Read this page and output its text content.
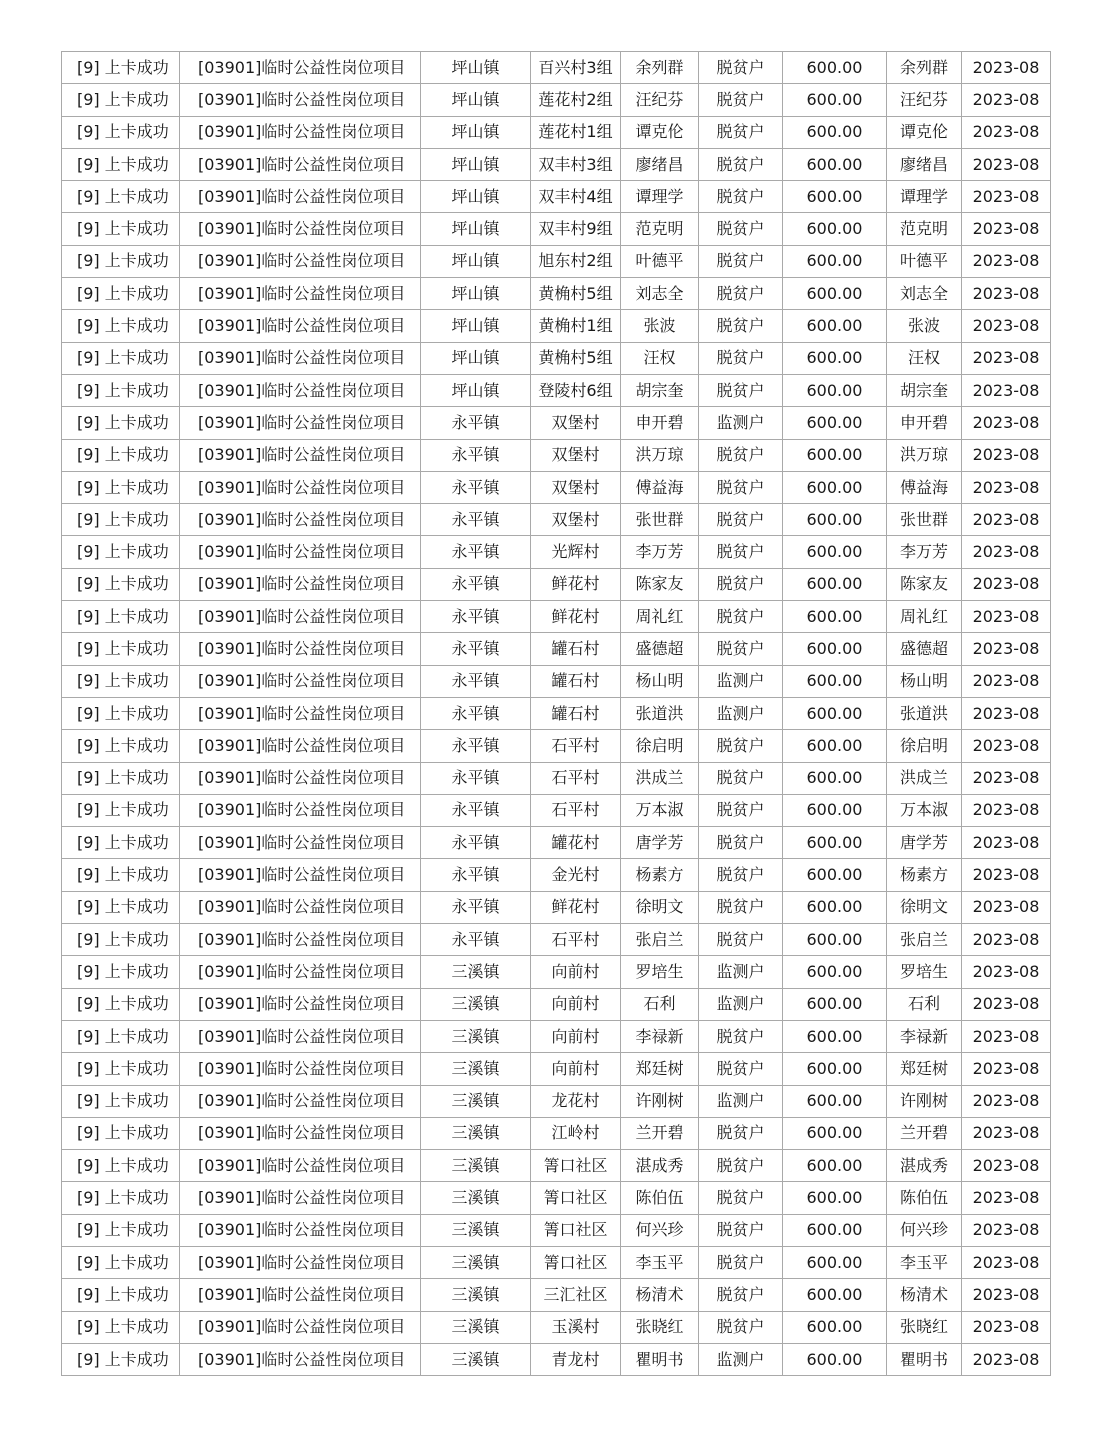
[9] 上卡成功	[03901]临时公益性岗位项目	坪山镇	百兴村3组	余列群	脱贫户	600.00	余列群	2023-08
[9] 上卡成功	[03901]临时公益性岗位项目	坪山镇	莲花村2组	汪纪芬	脱贫户	600.00	汪纪芬	2023-08
[9] 上卡成功	[03901]临时公益性岗位项目	坪山镇	莲花村1组	谭克伦	脱贫户	600.00	谭克伦	2023-08
[9] 上卡成功	[03901]临时公益性岗位项目	坪山镇	双丰村3组	廖绪昌	脱贫户	600.00	廖绪昌	2023-08
[9] 上卡成功	[03901]临时公益性岗位项目	坪山镇	双丰村4组	谭理学	脱贫户	600.00	谭理学	2023-08
[9] 上卡成功	[03901]临时公益性岗位项目	坪山镇	双丰村9组	范克明	脱贫户	600.00	范克明	2023-08
[9] 上卡成功	[03901]临时公益性岗位项目	坪山镇	旭东村2组	叶德平	脱贫户	600.00	叶德平	2023-08
[9] 上卡成功	[03901]临时公益性岗位项目	坪山镇	黄桷村5组	刘志全	脱贫户	600.00	刘志全	2023-08
[9] 上卡成功	[03901]临时公益性岗位项目	坪山镇	黄桷村1组	张波	脱贫户	600.00	张波	2023-08
[9] 上卡成功	[03901]临时公益性岗位项目	坪山镇	黄桷村5组	汪权	脱贫户	600.00	汪权	2023-08
[9] 上卡成功	[03901]临时公益性岗位项目	坪山镇	登陵村6组	胡宗奎	脱贫户	600.00	胡宗奎	2023-08
[9] 上卡成功	[03901]临时公益性岗位项目	永平镇	双堡村	申开碧	监测户	600.00	申开碧	2023-08
[9] 上卡成功	[03901]临时公益性岗位项目	永平镇	双堡村	洪万琼	脱贫户	600.00	洪万琼	2023-08
[9] 上卡成功	[03901]临时公益性岗位项目	永平镇	双堡村	傅益海	脱贫户	600.00	傅益海	2023-08
[9] 上卡成功	[03901]临时公益性岗位项目	永平镇	双堡村	张世群	脱贫户	600.00	张世群	2023-08
[9] 上卡成功	[03901]临时公益性岗位项目	永平镇	光辉村	李万芳	脱贫户	600.00	李万芳	2023-08
[9] 上卡成功	[03901]临时公益性岗位项目	永平镇	鲜花村	陈家友	脱贫户	600.00	陈家友	2023-08
[9] 上卡成功	[03901]临时公益性岗位项目	永平镇	鲜花村	周礼红	脱贫户	600.00	周礼红	2023-08
[9] 上卡成功	[03901]临时公益性岗位项目	永平镇	罐石村	盛德超	脱贫户	600.00	盛德超	2023-08
[9] 上卡成功	[03901]临时公益性岗位项目	永平镇	罐石村	杨山明	监测户	600.00	杨山明	2023-08
[9] 上卡成功	[03901]临时公益性岗位项目	永平镇	罐石村	张道洪	监测户	600.00	张道洪	2023-08
[9] 上卡成功	[03901]临时公益性岗位项目	永平镇	石平村	徐启明	脱贫户	600.00	徐启明	2023-08
[9] 上卡成功	[03901]临时公益性岗位项目	永平镇	石平村	洪成兰	脱贫户	600.00	洪成兰	2023-08
[9] 上卡成功	[03901]临时公益性岗位项目	永平镇	石平村	万本淑	脱贫户	600.00	万本淑	2023-08
[9] 上卡成功	[03901]临时公益性岗位项目	永平镇	罐花村	唐学芳	脱贫户	600.00	唐学芳	2023-08
[9] 上卡成功	[03901]临时公益性岗位项目	永平镇	金光村	杨素方	脱贫户	600.00	杨素方	2023-08
[9] 上卡成功	[03901]临时公益性岗位项目	永平镇	鲜花村	徐明文	脱贫户	600.00	徐明文	2023-08
[9] 上卡成功	[03901]临时公益性岗位项目	永平镇	石平村	张启兰	脱贫户	600.00	张启兰	2023-08
[9] 上卡成功	[03901]临时公益性岗位项目	三溪镇	向前村	罗培生	监测户	600.00	罗培生	2023-08
[9] 上卡成功	[03901]临时公益性岗位项目	三溪镇	向前村	石利	监测户	600.00	石利	2023-08
[9] 上卡成功	[03901]临时公益性岗位项目	三溪镇	向前村	李禄新	脱贫户	600.00	李禄新	2023-08
[9] 上卡成功	[03901]临时公益性岗位项目	三溪镇	向前村	郑廷树	脱贫户	600.00	郑廷树	2023-08
[9] 上卡成功	[03901]临时公益性岗位项目	三溪镇	龙花村	许刚树	监测户	600.00	许刚树	2023-08
[9] 上卡成功	[03901]临时公益性岗位项目	三溪镇	江岭村	兰开碧	脱贫户	600.00	兰开碧	2023-08
[9] 上卡成功	[03901]临时公益性岗位项目	三溪镇	箐口社区	湛成秀	脱贫户	600.00	湛成秀	2023-08
[9] 上卡成功	[03901]临时公益性岗位项目	三溪镇	箐口社区	陈伯伍	脱贫户	600.00	陈伯伍	2023-08
[9] 上卡成功	[03901]临时公益性岗位项目	三溪镇	箐口社区	何兴珍	脱贫户	600.00	何兴珍	2023-08
[9] 上卡成功	[03901]临时公益性岗位项目	三溪镇	箐口社区	李玉平	脱贫户	600.00	李玉平	2023-08
[9] 上卡成功	[03901]临时公益性岗位项目	三溪镇	三汇社区	杨清术	脱贫户	600.00	杨清术	2023-08
[9] 上卡成功	[03901]临时公益性岗位项目	三溪镇	玉溪村	张晓红	脱贫户	600.00	张晓红	2023-08
[9] 上卡成功	[03901]临时公益性岗位项目	三溪镇	青龙村	瞿明书	监测户	600.00	瞿明书	2023-08
